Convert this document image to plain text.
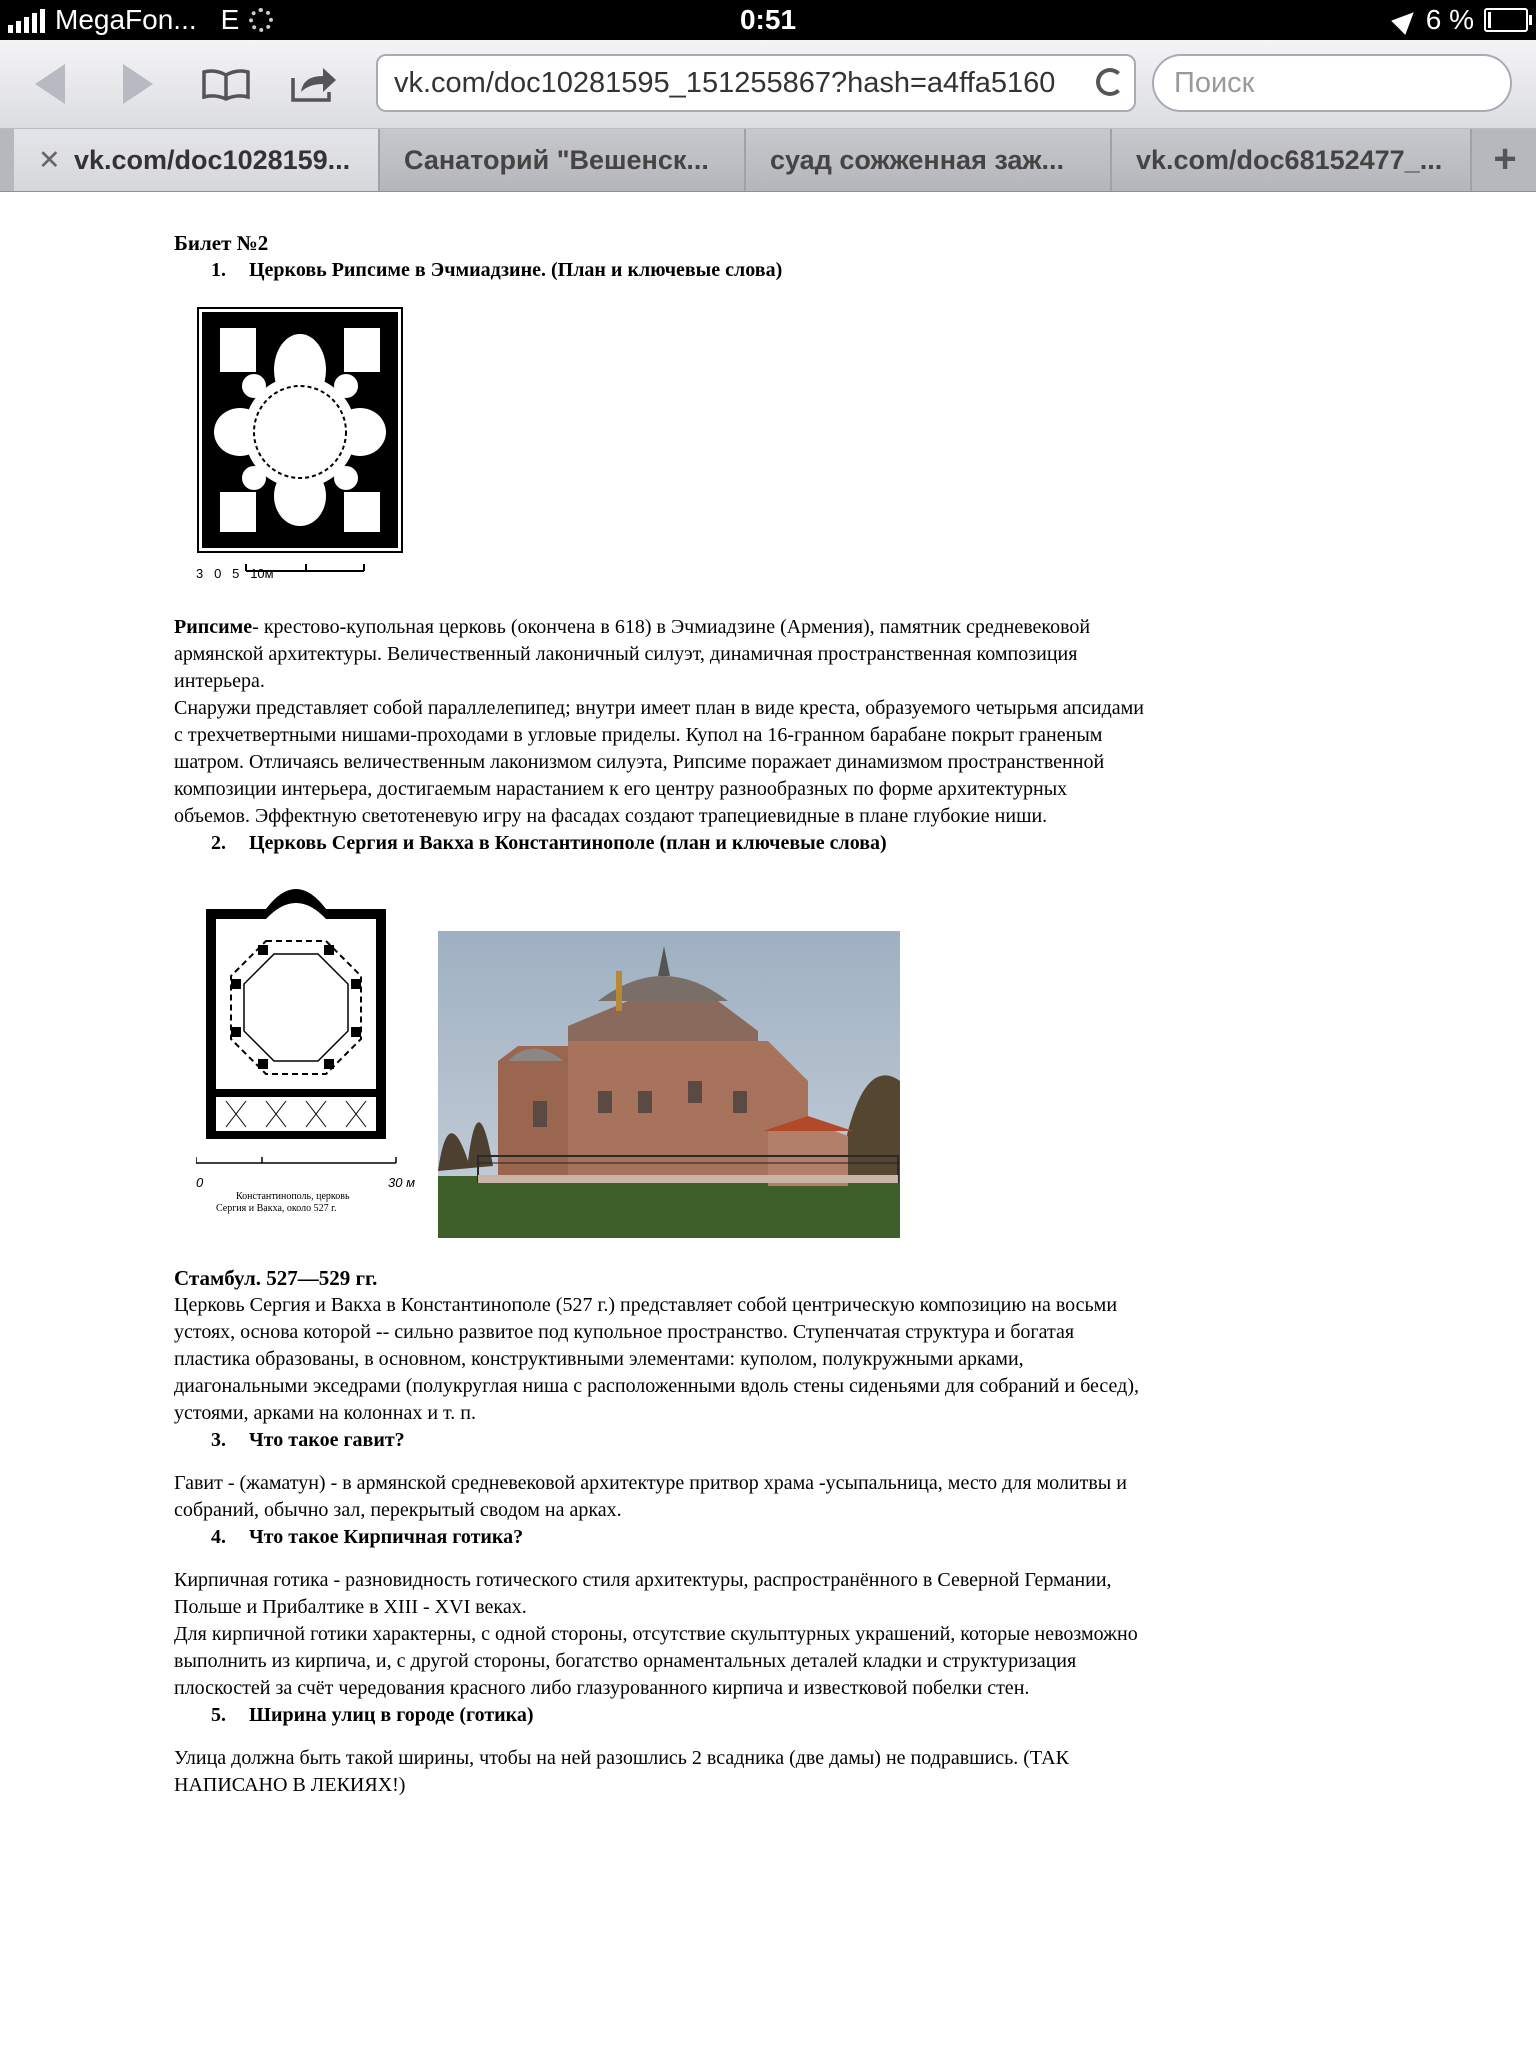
MegaFon... E	0:51	6 %
vk.com/doc10281595_151255867?hash=a4ffa5160	Поиск
✕ vk.com/doc1028159...	Санаторий "Вешенск...	суад сожженная заж...	vk.com/doc68152477_...	+

Билет №2

1. Церковь Рипсиме в Эчмиадзине. (План и ключевые слова)

3   0   5   10м

Рипсиме- крестово-купольная церковь (окончена в 618) в Эчмиадзине (Армения), памятник средневековой армянской архитектуры. Величественный лаконичный силуэт, динамичная пространственная композиция интерьера.

Снаружи представляет собой параллелепипед; внутри имеет план в виде креста, образуемого четырьмя апсидами с трехчетвертными нишами-проходами в угловые приделы. Купол на 16-гранном барабане покрыт граненым шатром. Отличаясь величественным лаконизмом силуэта, Рипсиме поражает динамизмом пространственной композиции интерьера, достигаемым нарастанием к его центру разнообразных по форме архитектурных объемов. Эффектную светотеневую игру на фасадах создают трапециевидные в плане глубокие ниши.

2. Церковь Сергия и Вакха в Константинополе (план и ключевые слова)

0	30 м
Константинополь, церковь
Сергия и Вакха, около 527 г.

Стамбул. 527—529 гг.

Церковь Сергия и Вакха в Константинополе (527 г.) представляет собой центрическую композицию на восьми устоях, основа которой -- сильно развитое под купольное пространство. Ступенчатая структура и богатая пластика образованы, в основном, конструктивными элементами: куполом, полукружными арками, диагональными экседрами (полукруглая ниша с расположенными вдоль стены сиденьями для собраний и бесед), устоями, арками на колоннах и т. п.

3. Что такое гавит?

Гавит - (жаматун) - в армянской средневековой архитектуре притвор храма -усыпальница, место для молитвы и собраний, обычно зал, перекрытый сводом на арках.

4. Что такое Кирпичная готика?

Кирпичная готика - разновидность готического стиля архитектуры, распространённого в Северной Германии, Польше и Прибалтике в XIII - XVI веках.

Для кирпичной готики характерны, с одной стороны, отсутствие скульптурных украшений, которые невозможно выполнить из кирпича, и, с другой стороны, богатство орнаментальных деталей кладки и структуризация плоскостей за счёт чередования красного либо глазурованного кирпича и известковой побелки стен.

5. Ширина улиц в городе (готика)

Улица должна быть такой ширины, чтобы на ней разошлись 2 всадника (две дамы) не подравшись. (ТАК НАПИСАНО В ЛЕКИЯХ!)
